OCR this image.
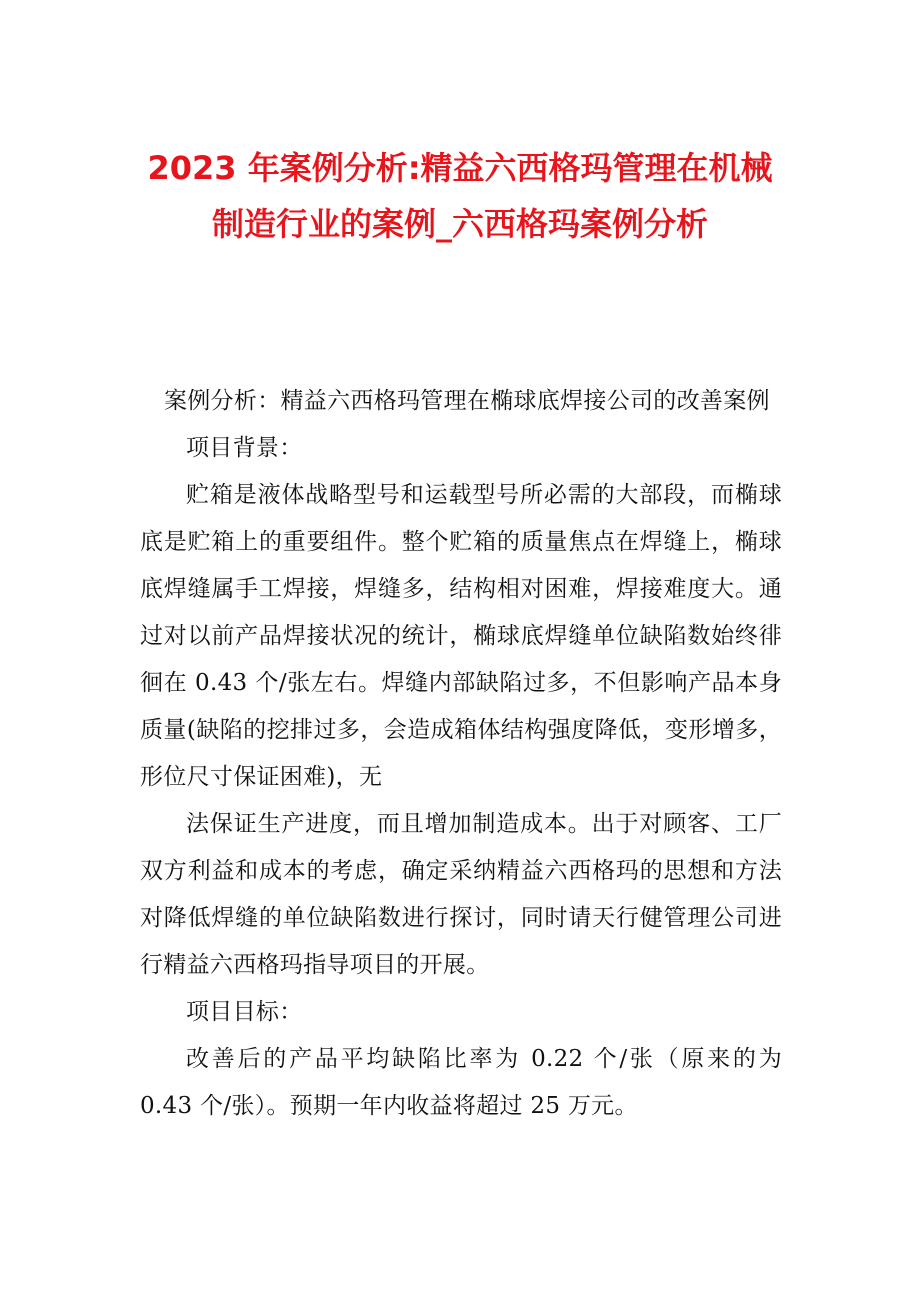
2023 年案例分析:精益六西格玛管理在机械
制造行业的案例_六西格玛案例分析

案例分析：精益六西格玛管理在椭球底焊接公司的改善案例

项目背景：

贮箱是液体战略型号和运载型号所必需的大部段，而椭球底是贮箱上的重要组件。整个贮箱的质量焦点在焊缝上，椭球底焊缝属手工焊接，焊缝多，结构相对困难，焊接难度大。通过对以前产品焊接状况的统计，椭球底焊缝单位缺陷数始终徘徊在 0.43 个/张左右。焊缝内部缺陷过多，不但影响产品本身质量(缺陷的挖排过多，会造成箱体结构强度降低，变形增多，形位尺寸保证困难)，无

法保证生产进度，而且增加制造成本。出于对顾客、工厂双方利益和成本的考虑，确定采纳精益六西格玛的思想和方法对降低焊缝的单位缺陷数进行探讨，同时请天行健管理公司进行精益六西格玛指导项目的开展。

项目目标：

改善后的产品平均缺陷比率为 0.22 个/张（原来的为 0.43 个/张）。预期一年内收益将超过 25 万元。
